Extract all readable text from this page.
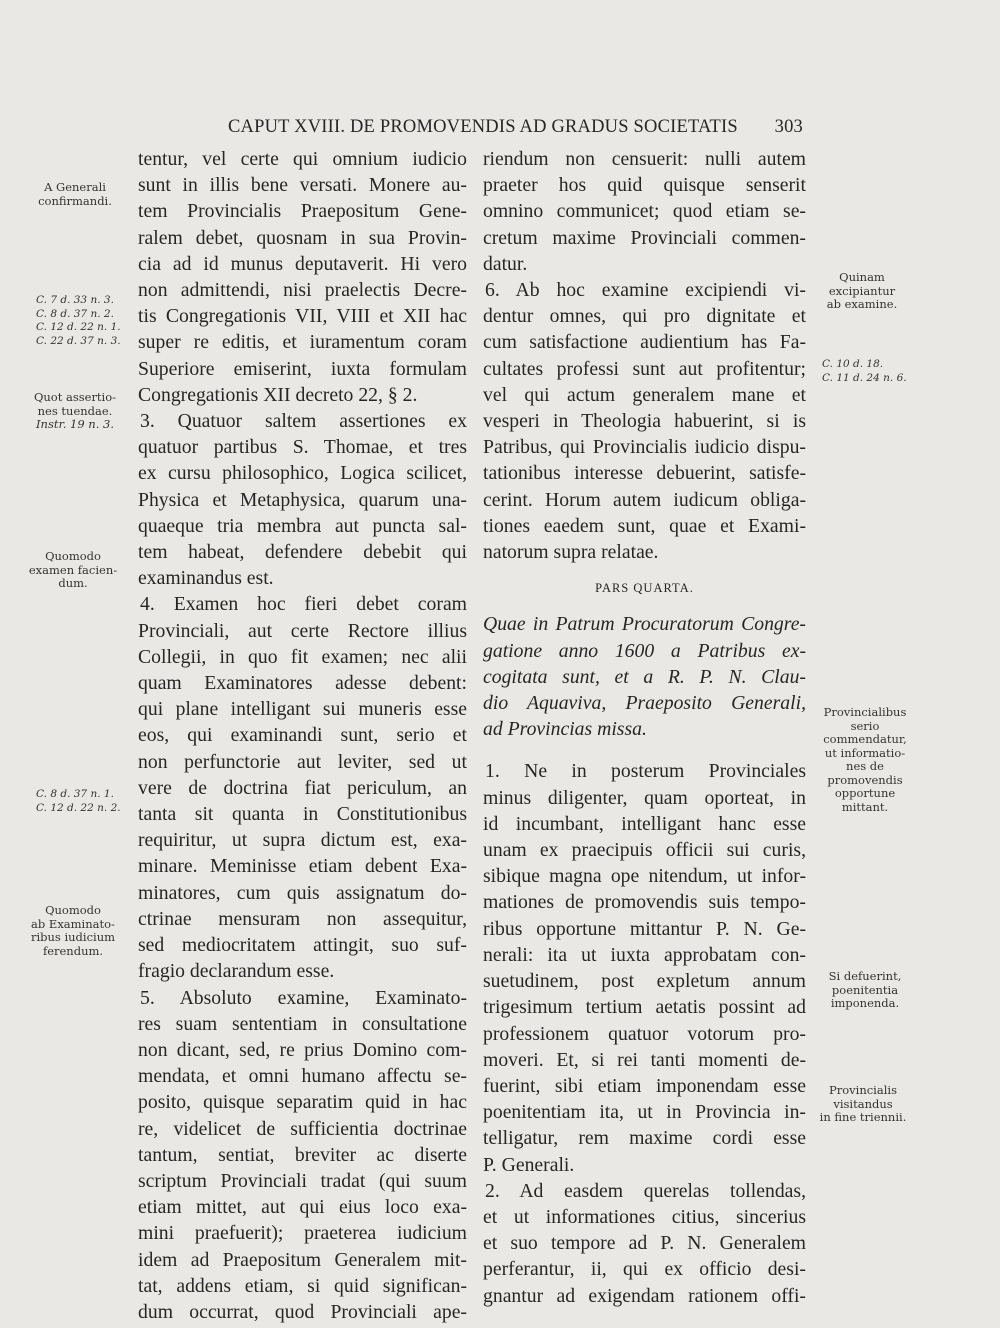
CAPUT XVIII. DE PROMOVENDIS AD GRADUS SOCIETATIS 303
A Generali
confirmandi.
C. 7 d. 33 n. 3.
C. 8 d. 37 n. 2.
C. 12 d. 22 n. 1.
C. 22 d. 37 n. 3.
Quot assertio-
nes tuendae.
Instr. 19 n. 3.
Quomodo
examen facien-
dum.
C. 8 d. 37 n. 1.
C. 12 d. 22 n. 2.
Quomodo
ab Examinato-
ribus iudicium
ferendum.
Quinam
excipiantur
ab examine.
C. 10 d. 18.
C. 11 d. 24 n. 6.
Provincialibus
serio
commendatur,
ut informatio-
nes de
promovendis
opportune
mittant.
Si defuerint,
poenitentia
imponenda.
Provincialis
visitandus
in fine triennii.

tentur, vel certe qui omnium iudicio

sunt in illis bene versati. Monere au-

tem Provincialis Praepositum Gene-

ralem debet, quosnam in sua Provin-

cia ad id munus deputaverit. Hi vero

non admittendi, nisi praelectis Decre-

tis Congregationis VII, VIII et XII hac

super re editis, et iuramentum coram

Superiore emiserint, iuxta formulam

Congregationis XII decreto 22, § 2.

3. Quatuor saltem assertiones ex

quatuor partibus S. Thomae, et tres

ex cursu philosophico, Logica scilicet,

Physica et Metaphysica, quarum una-

quaeque tria membra aut puncta sal-

tem habeat, defendere debebit qui

examinandus est.

4. Examen hoc fieri debet coram

Provinciali, aut certe Rectore illius

Collegii, in quo fit examen; nec alii

quam Examinatores adesse debent:

qui plane intelligant sui muneris esse

eos, qui examinandi sunt, serio et

non perfunctorie aut leviter, sed ut

vere de doctrina fiat periculum, an

tanta sit quanta in Constitutionibus

requiritur, ut supra dictum est, exa-

minare. Meminisse etiam debent Exa-

minatores, cum quis assignatum do-

ctrinae mensuram non assequitur,

sed mediocritatem attingit, suo suf-

fragio declarandum esse.

5. Absoluto examine, Examinato-

res suam sententiam in consultatione

non dicant, sed, re prius Domino com-

mendata, et omni humano affectu se-

posito, quisque separatim quid in hac

re, videlicet de sufficientia doctrinae

tantum, sentiat, breviter ac diserte

scriptum Provinciali tradat (qui suum

etiam mittet, aut qui eius loco exa-

mini praefuerit); praeterea iudicium

idem ad Praepositum Generalem mit-

tat, addens etiam, si quid significan-

dum occurrat, quod Provinciali ape-

riendum non censuerit: nulli autem

praeter hos quid quisque senserit

omnino communicet; quod etiam se-

cretum maxime Provinciali commen-

datur.

6. Ab hoc examine excipiendi vi-

dentur omnes, qui pro dignitate et

cum satisfactione audientium has Fa-

cultates professi sunt aut profitentur;

vel qui actum generalem mane et

vesperi in Theologia habuerint, si is

Patribus, qui Provincialis iudicio dispu-

tationibus interesse debuerint, satisfe-

cerint. Horum autem iudicum obliga-

tiones eaedem sunt, quae et Exami-

natorum supra relatae.

PARS QUARTA.

Quae in Patrum Procuratorum Congre-

gatione anno 1600 a Patribus ex-

cogitata sunt, et a R. P. N. Clau-

dio Aquaviva, Praeposito Generali,

ad Provincias missa.

1. Ne in posterum Provinciales

minus diligenter, quam oporteat, in

id incumbant, intelligant hanc esse

unam ex praecipuis officii sui curis,

sibique magna ope nitendum, ut infor-

mationes de promovendis suis tempo-

ribus opportune mittantur P. N. Ge-

nerali: ita ut iuxta approbatam con-

suetudinem, post expletum annum

trigesimum tertium aetatis possint ad

professionem quatuor votorum pro-

moveri. Et, si rei tanti momenti de-

fuerint, sibi etiam imponendam esse

poenitentiam ita, ut in Provincia in-

telligatur, rem maxime cordi esse

P. Generali.

2. Ad easdem querelas tollendas,

et ut informationes citius, sincerius

et suo tempore ad P. N. Generalem

perferantur, ii, qui ex officio desi-

gnantur ad exigendam rationem offi-
